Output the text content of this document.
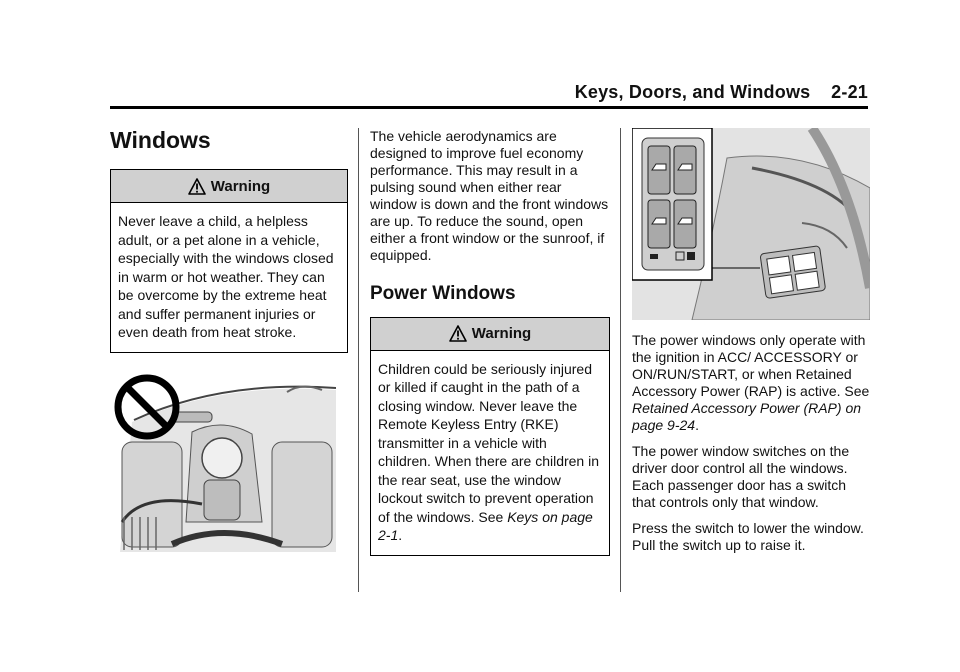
Keys, Doors, and Windows 2-21
Windows
Warning
Never leave a child, a helpless adult, or a pet alone in a vehicle, especially with the windows closed in warm or hot weather. They can be overcome by the extreme heat and suffer permanent injuries or even death from heat stroke.

The vehicle aerodynamics are designed to improve fuel economy performance. This may result in a pulsing sound when either rear window is down and the front windows are up. To reduce the sound, open either a front window or the sunroof, if equipped.

Power Windows
Warning
Children could be seriously injured or killed if caught in the path of a closing window. Never leave the Remote Keyless Entry (RKE) transmitter in a vehicle with children. When there are children in the rear seat, use the window lockout switch to prevent operation of the windows. See Keys on page 2-1.

The power windows only operate with the ignition in ACC/ ACCESSORY or ON/RUN/START, or when Retained Accessory Power (RAP) is active. See Retained Accessory Power (RAP) on page 9-24.

The power window switches on the driver door control all the windows. Each passenger door has a switch that controls only that window.

Press the switch to lower the window. Pull the switch up to raise it.
